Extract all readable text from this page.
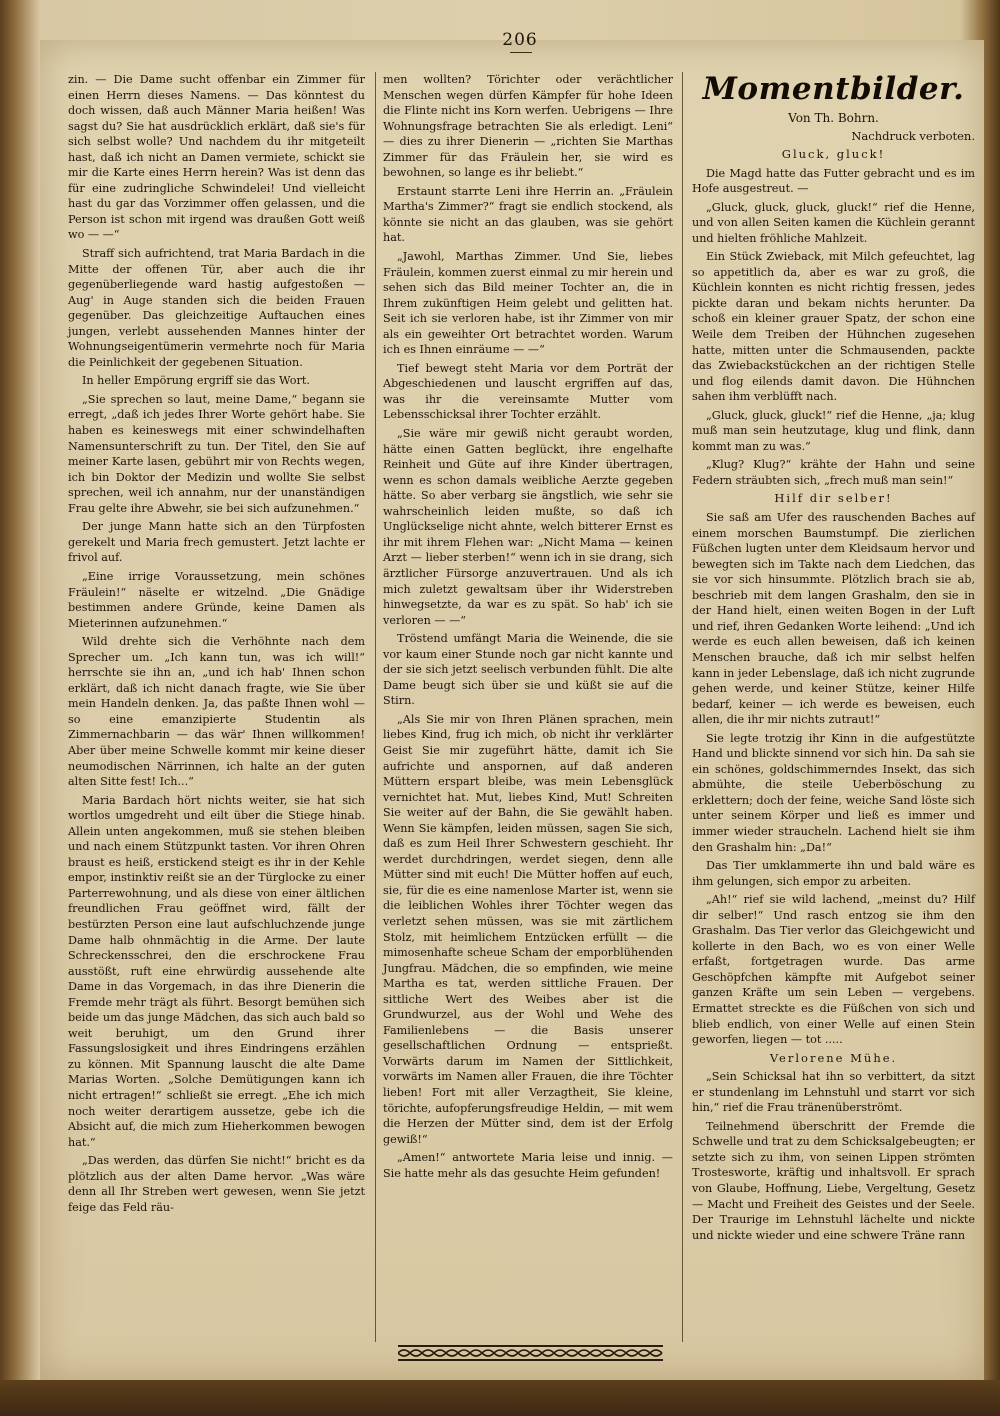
206

zin. — Die Dame sucht offenbar ein Zimmer für einen Herrn dieses Namens. — Das könntest du doch wissen, daß auch Männer Maria heißen! Was sagst du? Sie hat ausdrücklich erklärt, daß sie's für sich selbst wolle? Und nachdem du ihr mitgeteilt hast, daß ich nicht an Damen vermiete, schickt sie mir die Karte eines Herrn herein? Was ist denn das für eine zudringliche Schwindelei! Und vielleicht hast du gar das Vorzimmer offen gelassen, und die Person ist schon mit irgend was draußen Gott weiß wo — —“

Straff sich aufrichtend, trat Maria Bardach in die Mitte der offenen Tür, aber auch die ihr gegenüberliegende ward hastig aufgestoßen — Aug' in Auge standen sich die beiden Frauen gegenüber. Das gleichzeitige Auftauchen eines jungen, verlebt aussehenden Mannes hinter der Wohnungseigentümerin vermehrte noch für Maria die Peinlichkeit der gegebenen Situation.

In heller Empörung ergriff sie das Wort.

„Sie sprechen so laut, meine Dame,“ begann sie erregt, „daß ich jedes Ihrer Worte gehört habe. Sie haben es keineswegs mit einer schwindelhaften Namensunterschrift zu tun. Der Titel, den Sie auf meiner Karte lasen, gebührt mir von Rechts wegen, ich bin Doktor der Medizin und wollte Sie selbst sprechen, weil ich annahm, nur der unanständigen Frau gelte ihre Abwehr, sie bei sich aufzunehmen.“

Der junge Mann hatte sich an den Türpfosten gerekelt und Maria frech gemustert. Jetzt lachte er frivol auf.

„Eine irrige Voraussetzung, mein schönes Fräulein!“ näselte er witzelnd. „Die Gnädige bestimmen andere Gründe, keine Damen als Mieterinnen aufzunehmen.“

Wild drehte sich die Verhöhnte nach dem Sprecher um. „Ich kann tun, was ich will!“ herrschte sie ihn an, „und ich hab' Ihnen schon erklärt, daß ich nicht danach fragte, wie Sie über mein Handeln denken. Ja, das paßte Ihnen wohl — so eine emanzipierte Studentin als Zimmernachbarin — das wär' Ihnen willkommen! Aber über meine Schwelle kommt mir keine dieser neumodischen Närrinnen, ich halte an der guten alten Sitte fest! Ich...“

Maria Bardach hört nichts weiter, sie hat sich wortlos umgedreht und eilt über die Stiege hinab. Allein unten angekommen, muß sie stehen bleiben und nach einem Stützpunkt tasten. Vor ihren Ohren braust es heiß, erstickend steigt es ihr in der Kehle empor, instinktiv reißt sie an der Türglocke zu einer Parterrewohnung, und als diese von einer ältlichen freundlichen Frau geöffnet wird, fällt der bestürzten Person eine laut aufschluchzende junge Dame halb ohnmächtig in die Arme. Der laute Schreckensschrei, den die erschrockene Frau ausstößt, ruft eine ehrwürdig aussehende alte Dame in das Vorgemach, in das ihre Dienerin die Fremde mehr trägt als führt. Besorgt bemühen sich beide um das junge Mädchen, das sich auch bald so weit beruhigt, um den Grund ihrer Fassungslosigkeit und ihres Eindringens erzählen zu können. Mit Spannung lauscht die alte Dame Marias Worten. „Solche Demütigungen kann ich nicht ertragen!“ schließt sie erregt. „Ehe ich mich noch weiter derartigem aussetze, gebe ich die Absicht auf, die mich zum Hieherkommen bewogen hat.“

„Das werden, das dürfen Sie nicht!“ bricht es da plötzlich aus der alten Dame hervor. „Was wäre denn all Ihr Streben wert gewesen, wenn Sie jetzt feige das Feld räu-

men wollten? Törichter oder verächtlicher Menschen wegen dürfen Kämpfer für hohe Ideen die Flinte nicht ins Korn werfen. Uebrigens — Ihre Wohnungsfrage betrachten Sie als erledigt. Leni“ — dies zu ihrer Dienerin — „richten Sie Marthas Zimmer für das Fräulein her, sie wird es bewohnen, so lange es ihr beliebt.“

Erstaunt starrte Leni ihre Herrin an. „Fräulein Martha's Zimmer?“ fragt sie endlich stockend, als könnte sie nicht an das glauben, was sie gehört hat.

„Jawohl, Marthas Zimmer. Und Sie, liebes Fräulein, kommen zuerst einmal zu mir herein und sehen sich das Bild meiner Tochter an, die in Ihrem zukünftigen Heim gelebt und gelitten hat. Seit ich sie verloren habe, ist ihr Zimmer von mir als ein geweihter Ort betrachtet worden. Warum ich es Ihnen einräume — —“

Tief bewegt steht Maria vor dem Porträt der Abgeschiedenen und lauscht ergriffen auf das, was ihr die vereinsamte Mutter vom Lebensschicksal ihrer Tochter erzählt.

„Sie wäre mir gewiß nicht geraubt worden, hätte einen Gatten beglückt, ihre engelhafte Reinheit und Güte auf ihre Kinder übertragen, wenn es schon damals weibliche Aerzte gegeben hätte. So aber verbarg sie ängstlich, wie sehr sie wahrscheinlich leiden mußte, so daß ich Unglückselige nicht ahnte, welch bitterer Ernst es ihr mit ihrem Flehen war: „Nicht Mama — keinen Arzt — lieber sterben!“ wenn ich in sie drang, sich ärztlicher Fürsorge anzuvertrauen. Und als ich mich zuletzt gewaltsam über ihr Widerstreben hinwegsetzte, da war es zu spät. So hab' ich sie verloren — —“

Tröstend umfängt Maria die Weinende, die sie vor kaum einer Stunde noch gar nicht kannte und der sie sich jetzt seelisch verbunden fühlt. Die alte Dame beugt sich über sie und küßt sie auf die Stirn.

„Als Sie mir von Ihren Plänen sprachen, mein liebes Kind, frug ich mich, ob nicht ihr verklärter Geist Sie mir zugeführt hätte, damit ich Sie aufrichte und anspornen, auf daß anderen Müttern erspart bleibe, was mein Lebensglück vernichtet hat. Mut, liebes Kind, Mut! Schreiten Sie weiter auf der Bahn, die Sie gewählt haben. Wenn Sie kämpfen, leiden müssen, sagen Sie sich, daß es zum Heil Ihrer Schwestern geschieht. Ihr werdet durchdringen, werdet siegen, denn alle Mütter sind mit euch! Die Mütter hoffen auf euch, sie, für die es eine namenlose Marter ist, wenn sie die leiblichen Wohles ihrer Töchter wegen das verletzt sehen müssen, was sie mit zärtlichem Stolz, mit heimlichem Entzücken erfüllt — die mimosenhafte scheue Scham der emporblühenden Jungfrau. Mädchen, die so empfinden, wie meine Martha es tat, werden sittliche Frauen. Der sittliche Wert des Weibes aber ist die Grundwurzel, aus der Wohl und Wehe des Familienlebens — die Basis unserer gesellschaftlichen Ordnung — entsprießt. Vorwärts darum im Namen der Sittlichkeit, vorwärts im Namen aller Frauen, die ihre Töchter lieben! Fort mit aller Verzagtheit, Sie kleine, törichte, aufopferungsfreudige Heldin, — mit wem die Herzen der Mütter sind, dem ist der Erfolg gewiß!“

„Amen!“ antwortete Maria leise und innig. — Sie hatte mehr als das gesuchte Heim gefunden!

Momentbilder.

Von Th. Bohrn.

Nachdruck verboten.

Gluck, gluck!

Die Magd hatte das Futter gebracht und es im Hofe ausgestreut. —

„Gluck, gluck, gluck, gluck!“ rief die Henne, und von allen Seiten kamen die Küchlein gerannt und hielten fröhliche Mahlzeit.

Ein Stück Zwieback, mit Milch gefeuchtet, lag so appetitlich da, aber es war zu groß, die Küchlein konnten es nicht richtig fressen, jedes pickte daran und bekam nichts herunter. Da schoß ein kleiner grauer Spatz, der schon eine Weile dem Treiben der Hühnchen zugesehen hatte, mitten unter die Schmausenden, packte das Zwiebackstückchen an der richtigen Stelle und flog eilends damit davon. Die Hühnchen sahen ihm verblüfft nach.

„Gluck, gluck, gluck!“ rief die Henne, „ja; klug muß man sein heutzutage, klug und flink, dann kommt man zu was.“

„Klug? Klug?“ krähte der Hahn und seine Federn sträubten sich, „frech muß man sein!“

Hilf dir selber!

Sie saß am Ufer des rauschenden Baches auf einem morschen Baumstumpf. Die zierlichen Füßchen lugten unter dem Kleidsaum hervor und bewegten sich im Takte nach dem Liedchen, das sie vor sich hinsummte. Plötzlich brach sie ab, beschrieb mit dem langen Grashalm, den sie in der Hand hielt, einen weiten Bogen in der Luft und rief, ihren Gedanken Worte leihend: „Und ich werde es euch allen beweisen, daß ich keinen Menschen brauche, daß ich mir selbst helfen kann in jeder Lebenslage, daß ich nicht zugrunde gehen werde, und keiner Stütze, keiner Hilfe bedarf, keiner — ich werde es beweisen, euch allen, die ihr mir nichts zutraut!“

Sie legte trotzig ihr Kinn in die aufgestützte Hand und blickte sinnend vor sich hin. Da sah sie ein schönes, goldschimmerndes Insekt, das sich abmühte, die steile Ueberböschung zu erklettern; doch der feine, weiche Sand löste sich unter seinem Körper und ließ es immer und immer wieder straucheln. Lachend hielt sie ihm den Grashalm hin: „Da!“

Das Tier umklammerte ihn und bald wäre es ihm gelungen, sich empor zu arbeiten.

„Ah!“ rief sie wild lachend, „meinst du? Hilf dir selber!“ Und rasch entzog sie ihm den Grashalm. Das Tier verlor das Gleichgewicht und kollerte in den Bach, wo es von einer Welle erfaßt, fortgetragen wurde. Das arme Geschöpfchen kämpfte mit Aufgebot seiner ganzen Kräfte um sein Leben — vergebens. Ermattet streckte es die Füßchen von sich und blieb endlich, von einer Welle auf einen Stein geworfen, liegen — tot .....

Verlorene Mühe.

„Sein Schicksal hat ihn so verbittert, da sitzt er stundenlang im Lehnstuhl und starrt vor sich hin,“ rief die Frau tränenüberströmt.

Teilnehmend überschritt der Fremde die Schwelle und trat zu dem Schicksalgebeugten; er setzte sich zu ihm, von seinen Lippen strömten Trostesworte, kräftig und inhaltsvoll. Er sprach von Glaube, Hoffnung, Liebe, Vergeltung, Gesetz — Macht und Freiheit des Geistes und der Seele. Der Traurige im Lehnstuhl lächelte und nickte und nickte wieder und eine schwere Träne rann
